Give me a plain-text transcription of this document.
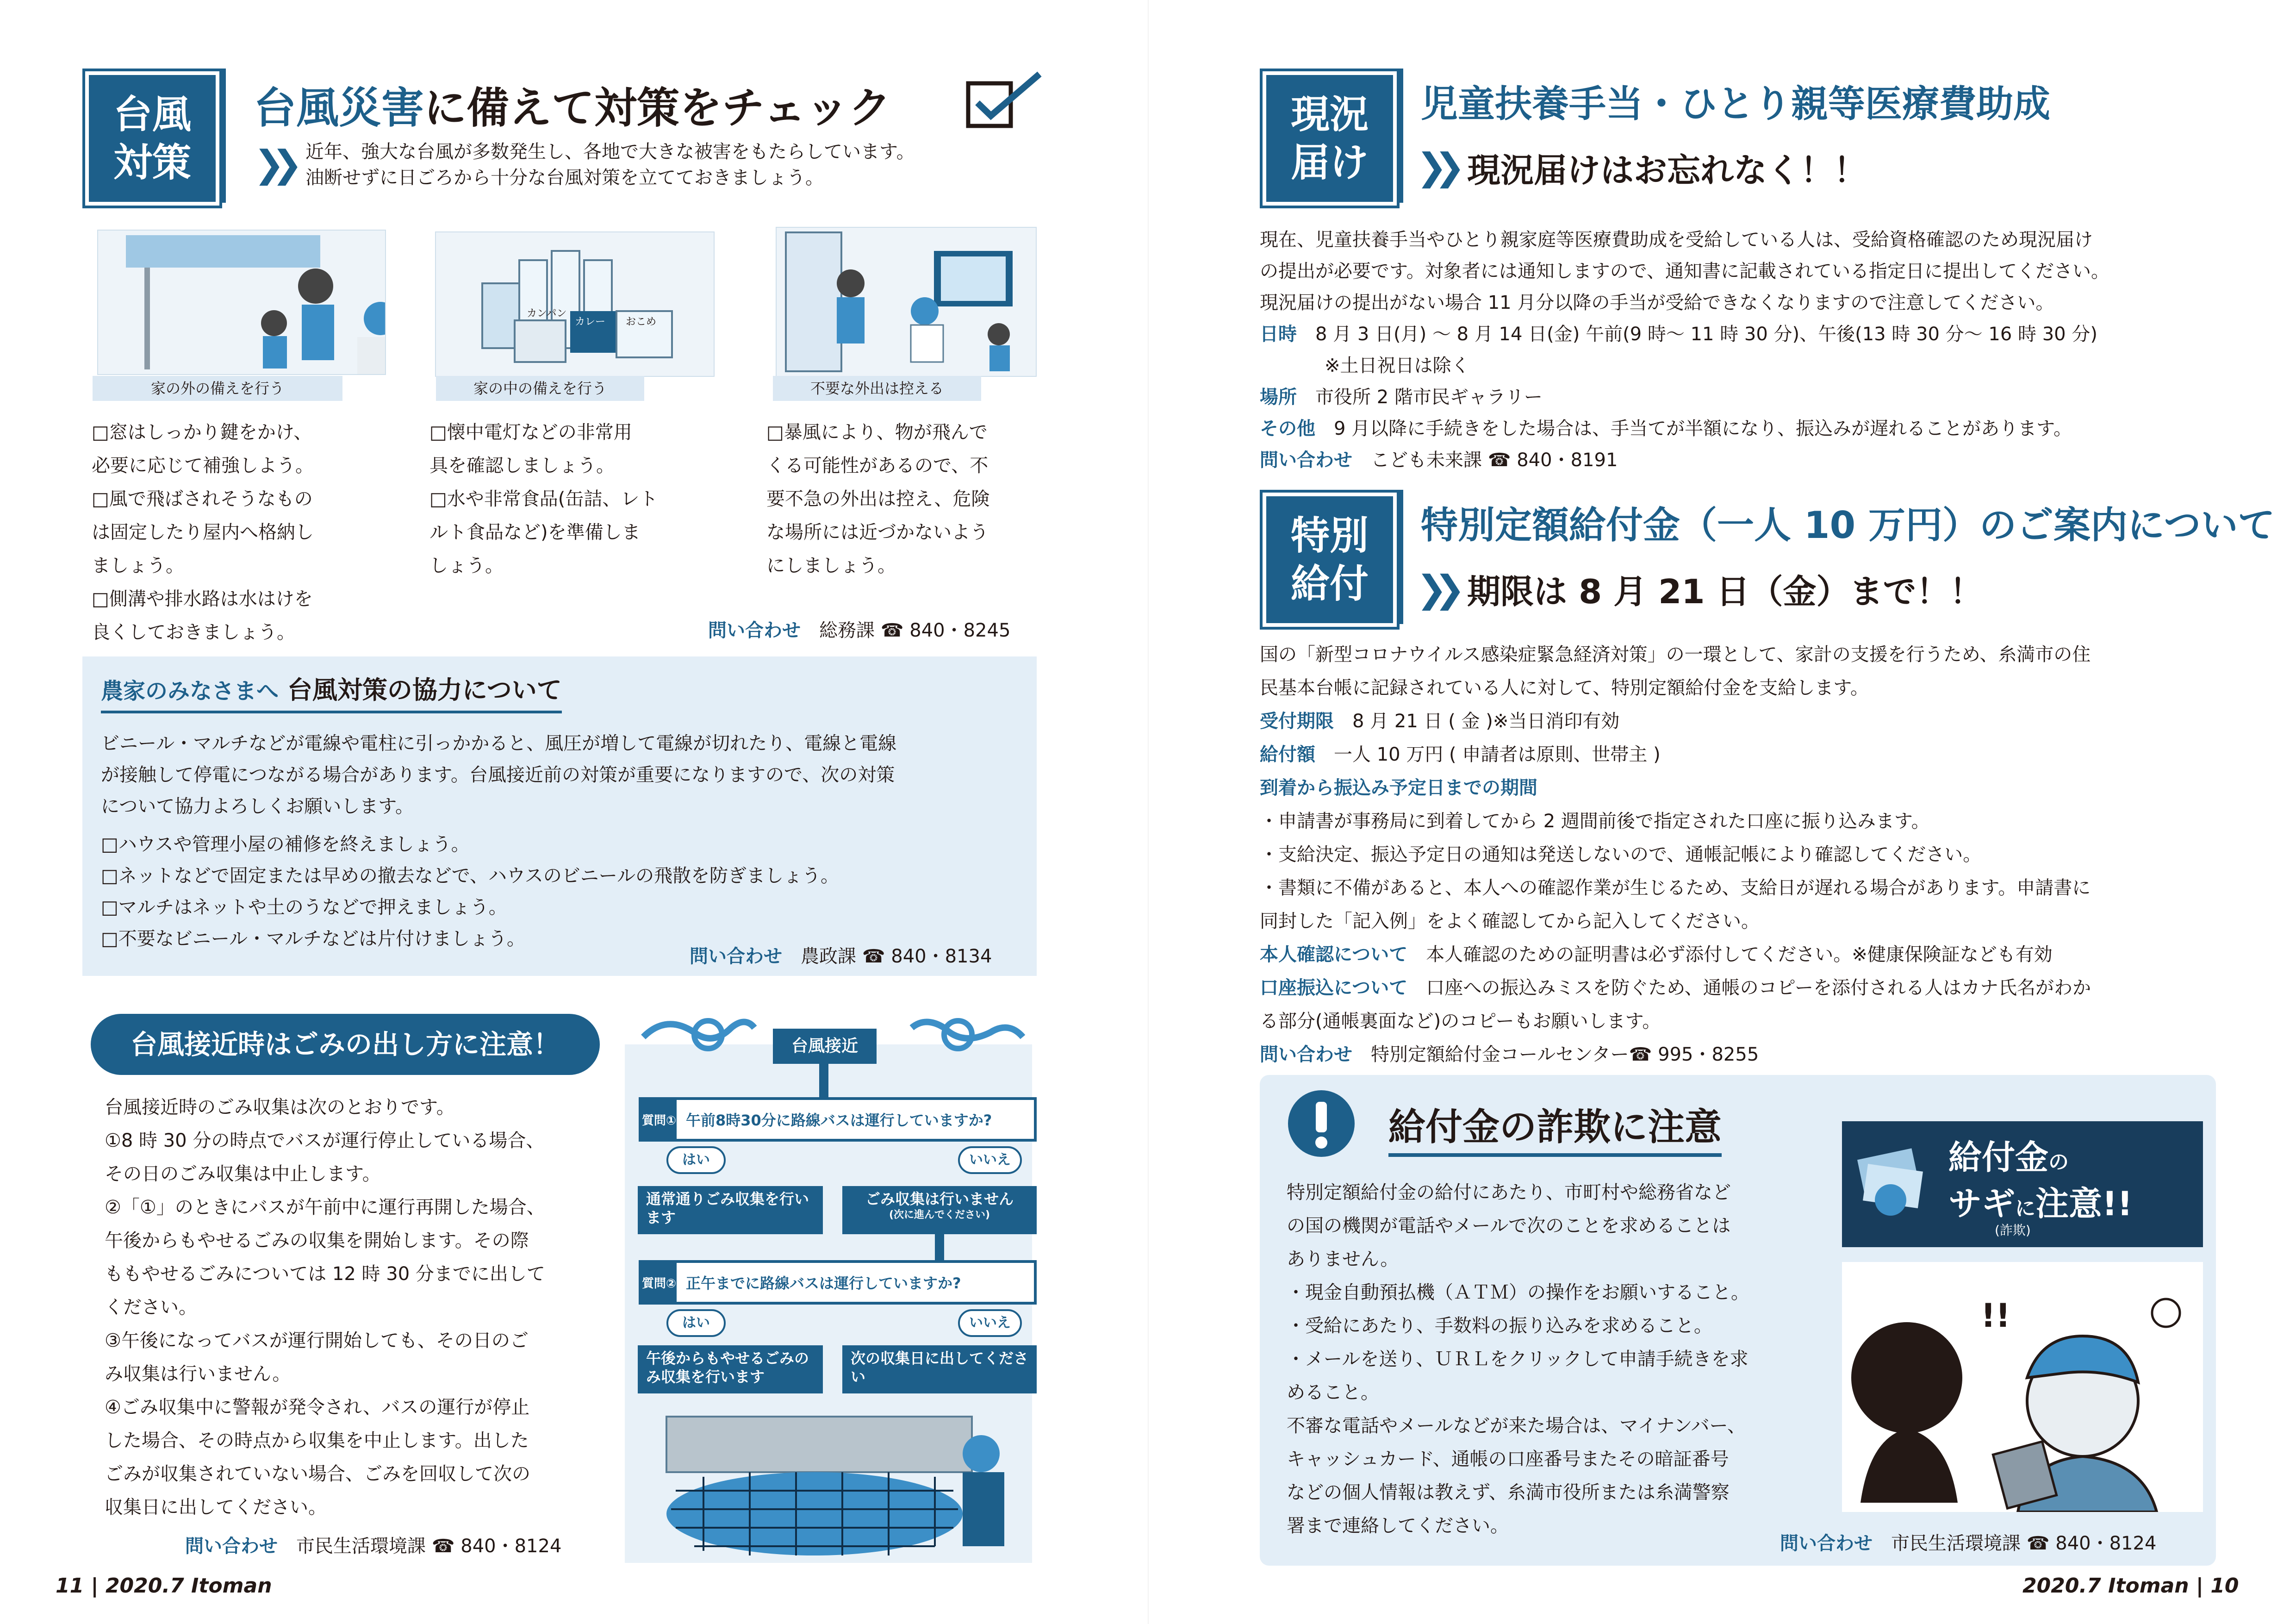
台風
対策
台風災害に備えて対策をチェック
❯❯ 近年、強大な台風が多数発生し、各地で大きな被害をもたらしています。

油断せずに日ごろから十分な台風対策を立てておきましょう。

家の外の備えを行う
カンパン
カレー おこめ
家の中の備えを行う	不要な外出は控える

□窓はしっかり鍵をかけ、

必要に応じて補強しよう。

□風で飛ばされそうなもの

は固定したり屋内へ格納し

ましょう。

□側溝や排水路は水はけを

良くしておきましょう。

□懐中電灯などの非常用

具を確認しましょう。

□水や非常食品(缶詰、レト

ルト食品など)を準備しま

しょう。

□暴風により、物が飛んで

くる可能性があるので、不

要不急の外出は控え、危険

な場所には近づかないよう

にしましょう。

問い合わせ 総務課 ☎ 840・8245
農家のみなさまへ 台風対策の協力について

ビニール・マルチなどが電線や電柱に引っかかると、風圧が増して電線が切れたり、電線と電線

が接触して停電につながる場合があります。台風接近前の対策が重要になりますので、次の対策

について協力よろしくお願いします。

□ハウスや管理小屋の補修を終えましょう。

□ネットなどで固定または早めの撤去などで、ハウスのビニールの飛散を防ぎましょう。

□マルチはネットや土のうなどで押えましょう。

□不要なビニール・マルチなどは片付けましょう。

問い合わせ 農政課 ☎ 840・8134
台風接近時はごみの出し方に注意！

台風接近時のごみ収集は次のとおりです。

①8 時 30 分の時点でバスが運行停止している場合、

その日のごみ収集は中止します。

②「①」のときにバスが午前中に運行再開した場合、

午後からもやせるごみの収集を開始します。その際

ももやせるごみについては 12 時 30 分までに出して

ください。

③午後になってバスが運行開始しても、その日のご

み収集は行いません。

④ごみ収集中に警報が発令され、バスの運行が停止

した場合、その時点から収集を中止します。出した

ごみが収集されていない場合、ごみを回収して次の

収集日に出してください。

問い合わせ 市民生活環境課 ☎ 840・8124
台風接近
質問① 午前8時30分に路線バスは運行していますか?
はい	いいえ
通常通りごみ収集を行います
ごみ収集は行いません
(次に進んでください)
質問② 正午までに路線バスは運行していますか?
はい	いいえ
午後からもやせるごみのみ収集を行います
次の収集日に出してください
11 | 2020.7 Itoman
現況
届け
児童扶養手当・ひとり親等医療費助成
❯❯ 現況届けはお忘れなく！！

現在、児童扶養手当やひとり親家庭等医療費助成を受給している人は、受給資格確認のため現況届け

の提出が必要です。対象者には通知しますので、通知書に記載されている指定日に提出してください。

現況届けの提出がない場合 11 月分以降の手当が受給できなくなりますので注意してください。

日時　 8 月 3 日(月) 〜 8 月 14 日(金) 午前(9 時〜 11 時 30 分)、午後(13 時 30 分〜 16 時 30 分)

※土日祝日は除く

場所　 市役所 2 階市民ギャラリー

その他　 9 月以降に手続きをした場合は、手当てが半額になり、振込みが遅れることがあります。

問い合わせ　 こども未来課 ☎ 840・8191

特別
給付
特別定額給付金（一人 10 万円）のご案内について
❯❯ 期限は 8 月 21 日（金）まで！！

国の「新型コロナウイルス感染症緊急経済対策」の一環として、家計の支援を行うため、糸満市の住

民基本台帳に記録されている人に対して、特別定額給付金を支給します。

受付期限　 8 月 21 日 ( 金 )※当日消印有効

給付額　 一人 10 万円 ( 申請者は原則、世帯主 )

到着から振込み予定日までの期間

・申請書が事務局に到着してから 2 週間前後で指定された口座に振り込みます。

・支給決定、振込予定日の通知は発送しないので、通帳記帳により確認してください。

・書類に不備があると、本人への確認作業が生じるため、支給日が遅れる場合があります。申請書に

同封した「記入例」をよく確認してから記入してください。

本人確認について　 本人確認のための証明書は必ず添付してください。※健康保険証なども有効

口座振込について　 口座への振込みミスを防ぐため、通帳のコピーを添付される人はカナ氏名がわか

る部分(通帳裏面など)のコピーもお願いします。

問い合わせ　 特別定額給付金コールセンター☎ 995・8255

給付金の詐欺に注意

特別定額給付金の給付にあたり、市町村や総務省など

の国の機関が電話やメールで次のことを求めることは

ありません。

・現金自動預払機（ＡＴＭ）の操作をお願いすること。

・受給にあたり、手数料の振り込みを求めること。

・メールを送り、ＵＲＬをクリックして申請手続きを求

めること。

不審な電話やメールなどが来た場合は、マイナンバー、

キャッシュカード、通帳の口座番号またその暗証番号

などの個人情報は教えず、糸満市役所または糸満警察

署まで連絡してください。

給付金の
サギに注意!!
(詐欺)
!!
問い合わせ 市民生活環境課 ☎ 840・8124
2020.7 Itoman | 10
